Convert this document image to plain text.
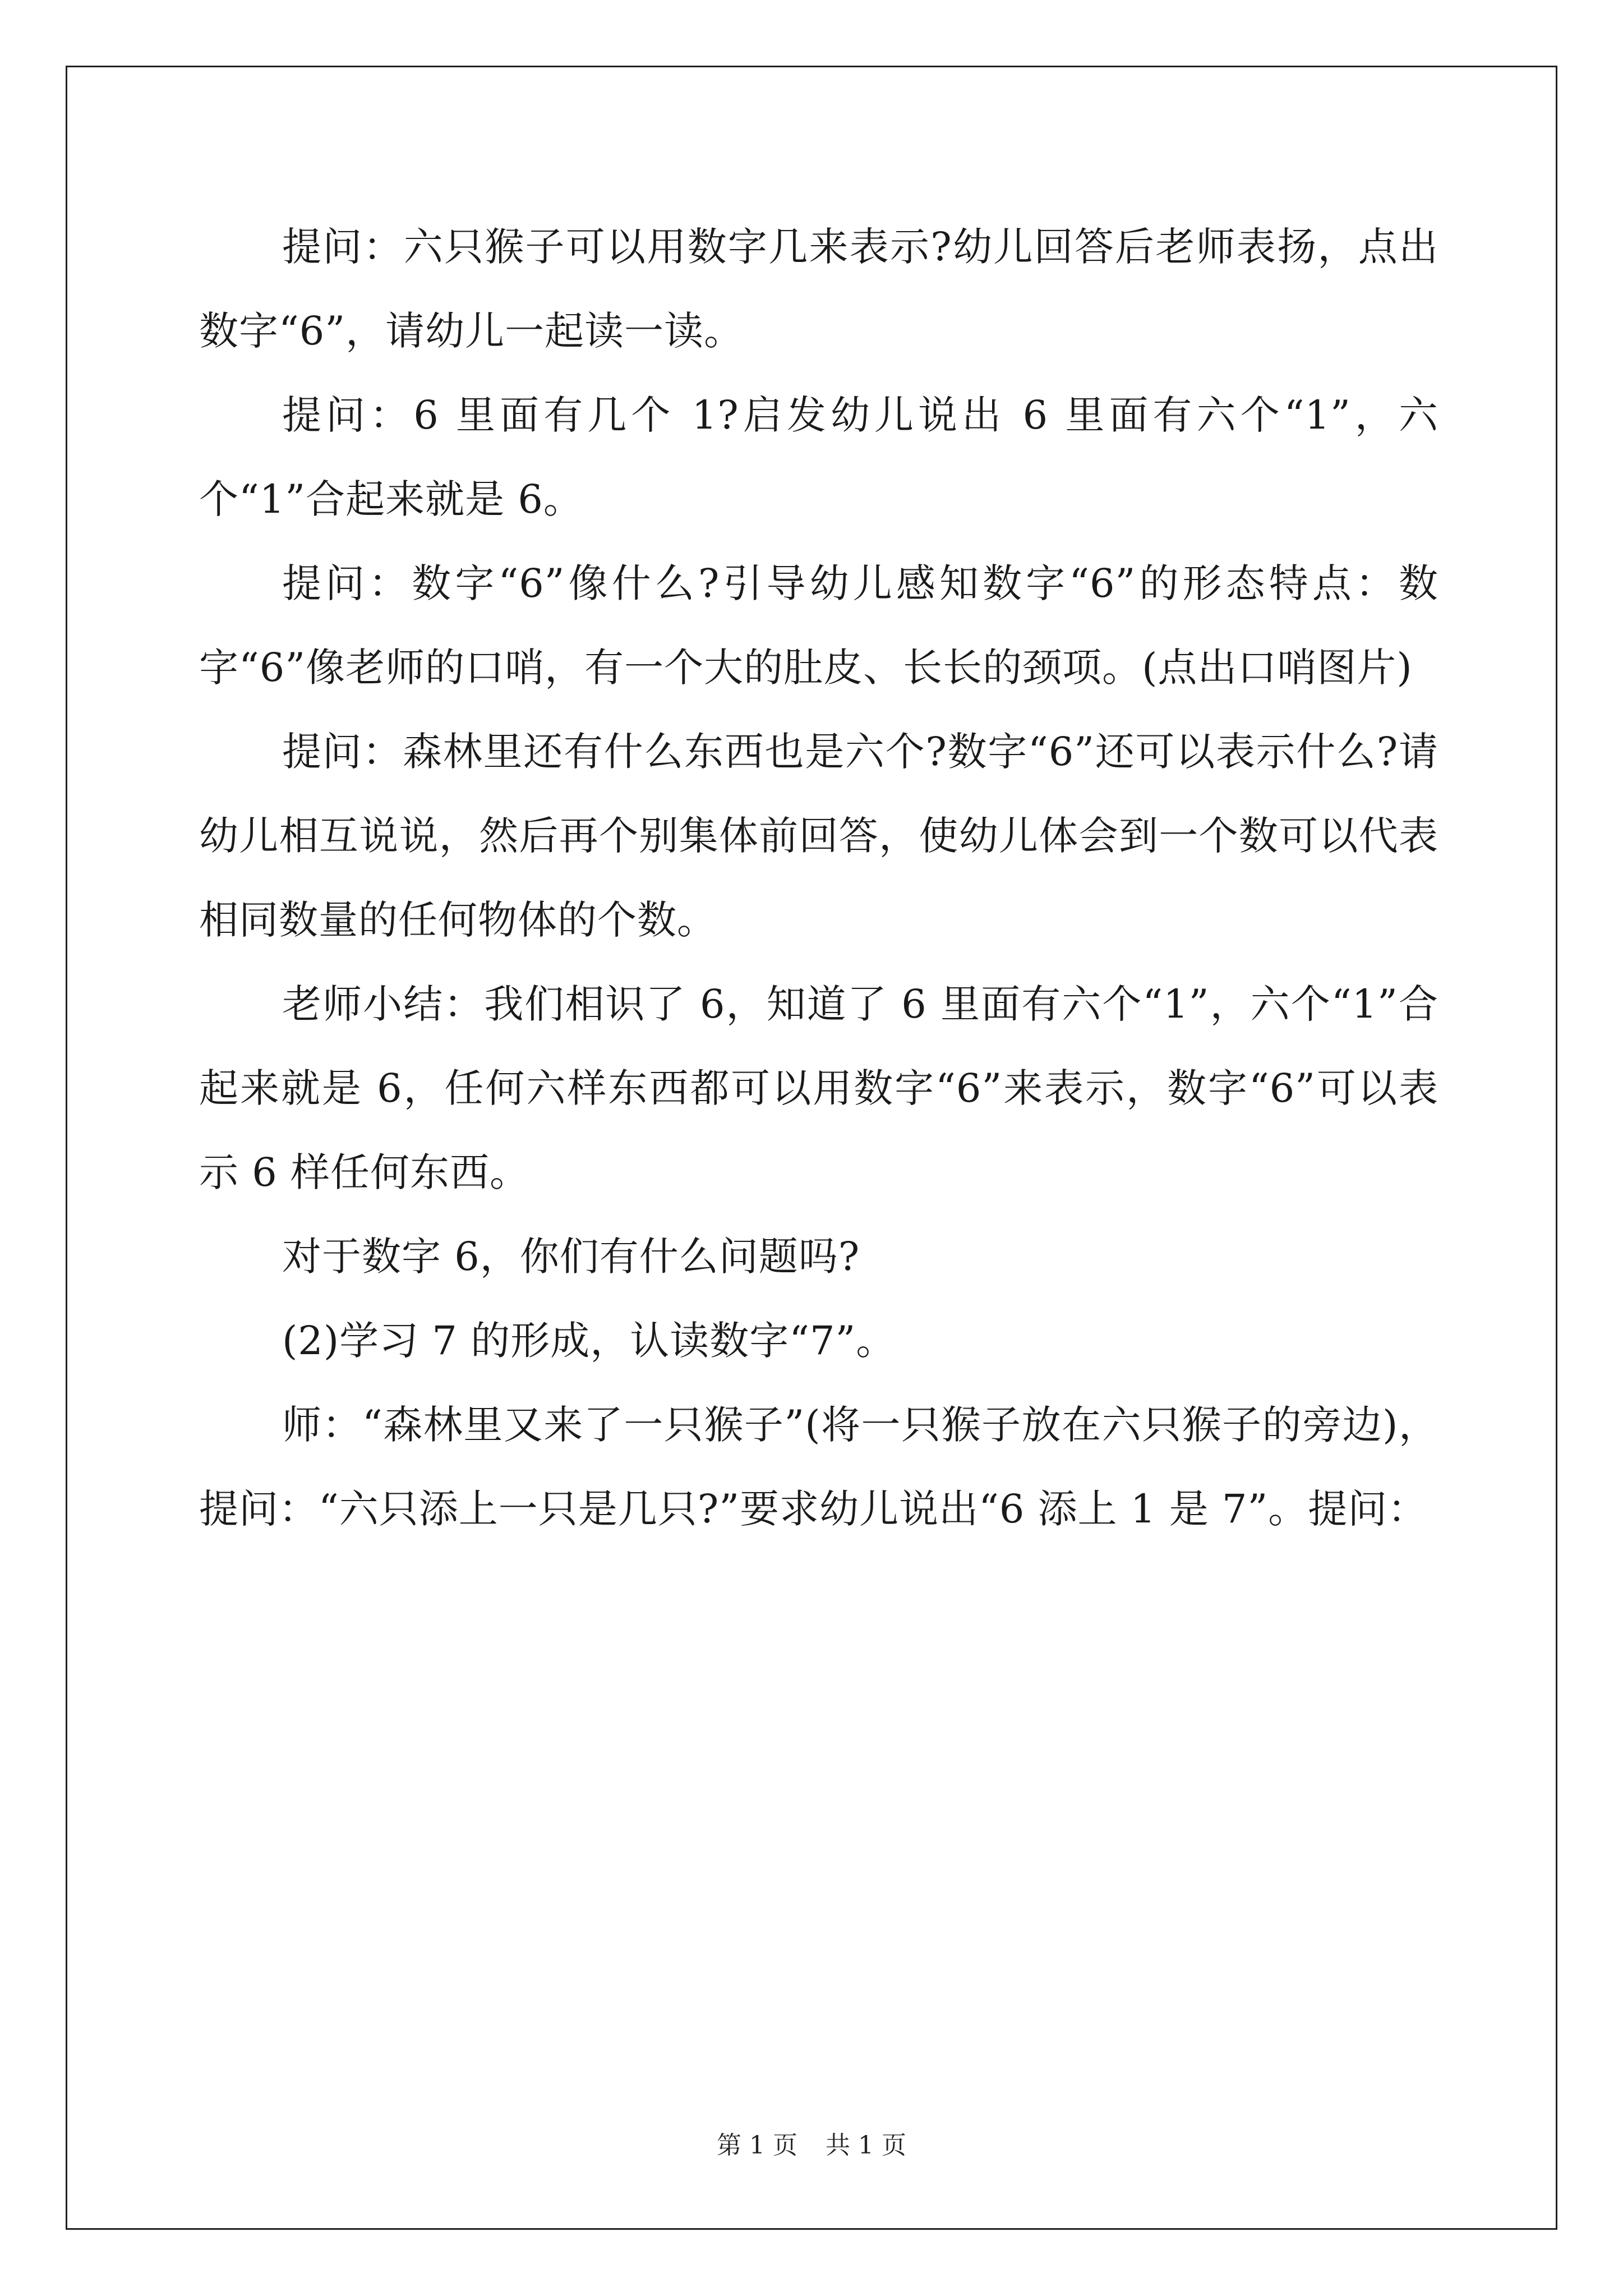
提问：六只猴子可以用数字几来表示?幼儿回答后老师表扬，点出数字“6”，请幼儿一起读一读。

提问：6 里面有几个 1?启发幼儿说出 6 里面有六个“1”，六个“1”合起来就是 6。

提问：数字“6”像什么?引导幼儿感知数字“6”的形态特点：数字“6”像老师的口哨，有一个大的肚皮、长长的颈项。(点出口哨图片)

提问：森林里还有什么东西也是六个?数字“6”还可以表示什么?请幼儿相互说说，然后再个别集体前回答，使幼儿体会到一个数可以代表相同数量的任何物体的个数。

老师小结：我们相识了 6，知道了 6 里面有六个“1”，六个“1”合起来就是 6，任何六样东西都可以用数字“6”来表示，数字“6”可以表示 6 样任何东西。

对于数字 6，你们有什么问题吗?

(2)学习 7 的形成，认读数字“7”。

师：“森林里又来了一只猴子”(将一只猴子放在六只猴子的旁边)，提问：“六只添上一只是几只?”要求幼儿说出“6 添上 1 是 7”。提问：

第 1 页 共 1 页
